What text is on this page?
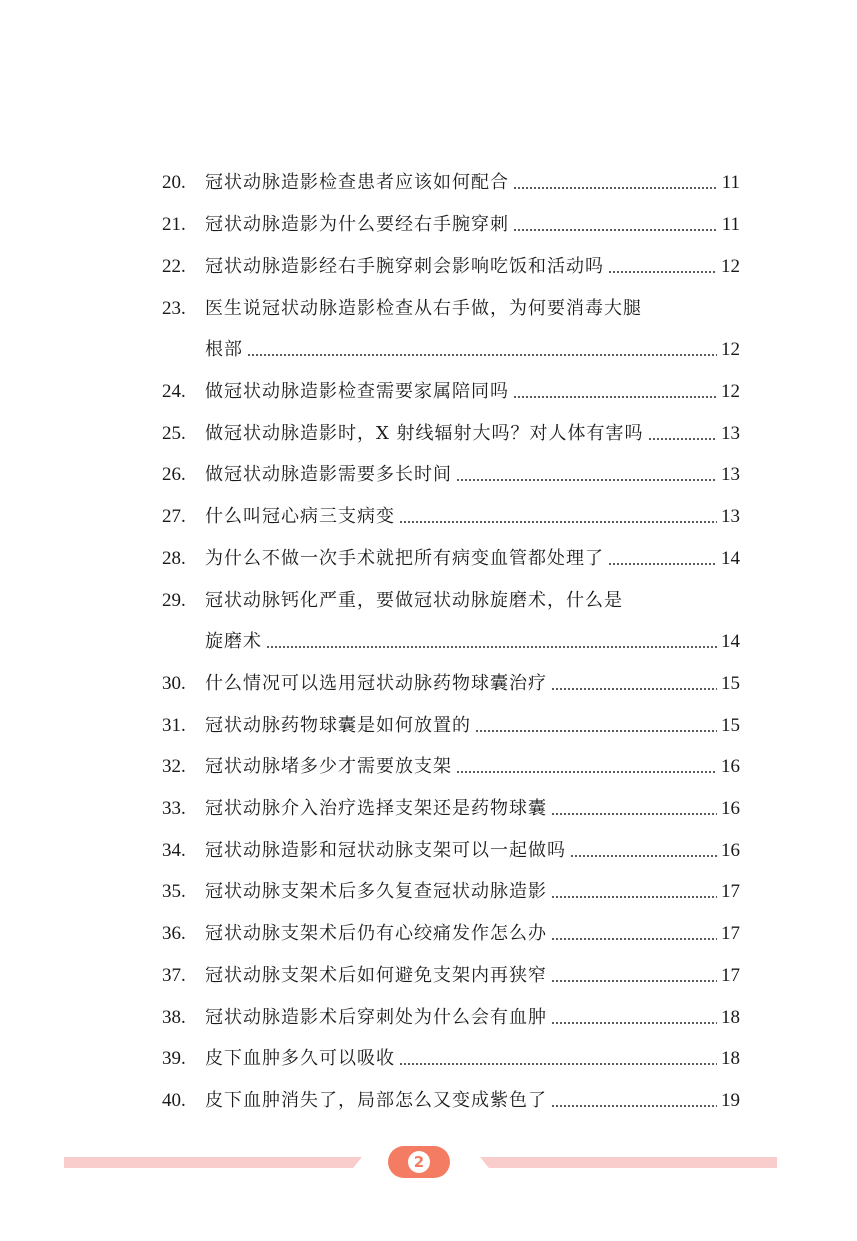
20.	冠状动脉造影检查患者应该如何配合	11
21.	冠状动脉造影为什么要经右手腕穿刺	11
22.	冠状动脉造影经右手腕穿刺会影响吃饭和活动吗	12
23.	医生说冠状动脉造影检查从右手做，为何要消毒大腿
根部	12
24.	做冠状动脉造影检查需要家属陪同吗	12
25.	做冠状动脉造影时，X 射线辐射大吗？对人体有害吗	13
26.	做冠状动脉造影需要多长时间	13
27.	什么叫冠心病三支病变	13
28.	为什么不做一次手术就把所有病变血管都处理了	14
29.	冠状动脉钙化严重，要做冠状动脉旋磨术，什么是
旋磨术	14
30.	什么情况可以选用冠状动脉药物球囊治疗	15
31.	冠状动脉药物球囊是如何放置的	15
32.	冠状动脉堵多少才需要放支架	16
33.	冠状动脉介入治疗选择支架还是药物球囊	16
34.	冠状动脉造影和冠状动脉支架可以一起做吗	16
35.	冠状动脉支架术后多久复查冠状动脉造影	17
36.	冠状动脉支架术后仍有心绞痛发作怎么办	17
37.	冠状动脉支架术后如何避免支架内再狭窄	17
38.	冠状动脉造影术后穿刺处为什么会有血肿	18
39.	皮下血肿多久可以吸收	18
40.	皮下血肿消失了，局部怎么又变成紫色了	19
2
